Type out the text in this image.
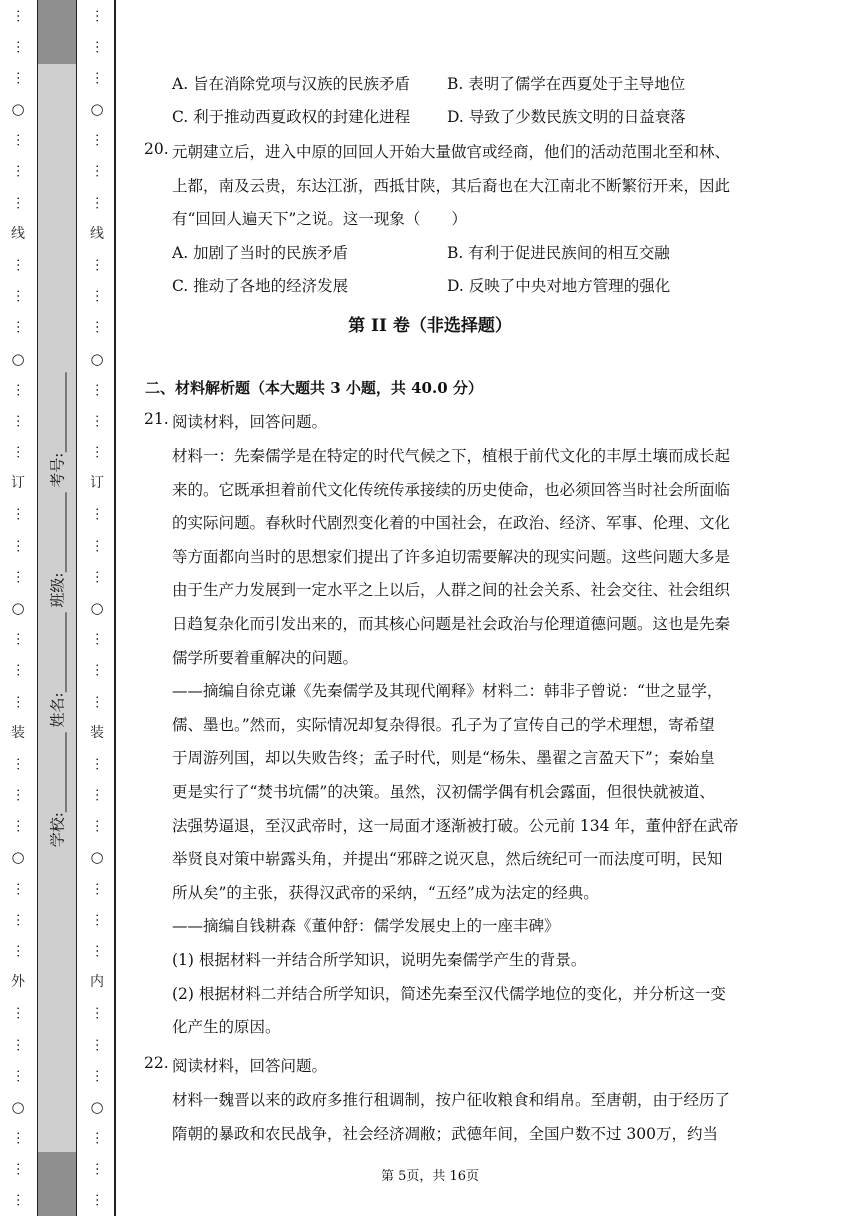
⋯
⋯
⋯
○
⋯
⋯
⋯
线
⋯
⋯
⋯
○
⋯
⋯
⋯
订
⋯
⋯
⋯
○
⋯
⋯
⋯
装
⋯
⋯
⋯
○
⋯
⋯
⋯
外
⋯
⋯
⋯
○
⋯
⋯
⋯
⋯
⋯
⋯
○
⋯
⋯
⋯
线
⋯
⋯
⋯
○
⋯
⋯
⋯
订
⋯
⋯
⋯
○
⋯
⋯
⋯
装
⋯
⋯
⋯
○
⋯
⋯
⋯
内
⋯
⋯
⋯
○
⋯
⋯
⋯
学校: 姓名: 班级: 考号:
A. 旨在消除党项与汉族的民族矛盾 B. 表明了儒学在西夏处于主导地位
C. 利于推动西夏政权的封建化进程 D. 导致了少数民族文明的日益衰落
20. 元朝建立后，进入中原的回回人开始大量做官或经商，他们的活动范围北至和林、
上都，南及云贵，东达江浙，西抵甘陕，其后裔也在大江南北不断繁衍开来，因此
有“回回人遍天下”之说。这一现象（　　）
A. 加剧了当时的民族矛盾	B. 有利于促进民族间的相互交融
C. 推动了各地的经济发展	D. 反映了中央对地方管理的强化
第 II 卷（非选择题）
二、材料解析题（本大题共 3 小题，共 40.0 分）
21. 阅读材料，回答问题。
材料一：先秦儒学是在特定的时代气候之下，植根于前代文化的丰厚土壤而成长起
来的。它既承担着前代文化传统传承接续的历史使命，也必须回答当时社会所面临
的实际问题。春秋时代剧烈变化着的中国社会，在政治、经济、军事、伦理、文化
等方面都向当时的思想家们提出了许多迫切需要解决的现实问题。这些问题大多是
由于生产力发展到一定水平之上以后，人群之间的社会关系、社会交往、社会组织
日趋复杂化而引发出来的，而其核心问题是社会政治与伦理道德问题。这也是先秦
儒学所要着重解决的问题。
——摘编自徐克谦《先秦儒学及其现代阐释》材料二：韩非子曾说：“世之显学，
儒、墨也。”然而，实际情况却复杂得很。孔子为了宣传自己的学术理想，寄希望
于周游列国，却以失败告终；孟子时代，则是“杨朱、墨翟之言盈天下”；秦始皇
更是实行了“焚书坑儒”的决策。虽然，汉初儒学偶有机会露面，但很快就被道、
法强势逼退，至汉武帝时，这一局面才逐渐被打破。公元前 134 年，董仲舒在武帝
举贤良对策中崭露头角，并提出“邪辟之说灭息，然后统纪可一而法度可明，民知
所从矣”的主张，获得汉武帝的采纳，“五经”成为法定的经典。
——摘编自钱耕森《董仲舒：儒学发展史上的一座丰碑》
(1) 根据材料一并结合所学知识，说明先秦儒学产生的背景。
(2) 根据材料二并结合所学知识，简述先秦至汉代儒学地位的变化，并分析这一变
化产生的原因。
22. 阅读材料，回答问题。
材料一魏晋以来的政府多推行租调制，按户征收粮食和绢帛。至唐朝，由于经历了
隋朝的暴政和农民战争，社会经济凋敝；武德年间，全国户数不过 300万，约当
第 5页，共 16页
